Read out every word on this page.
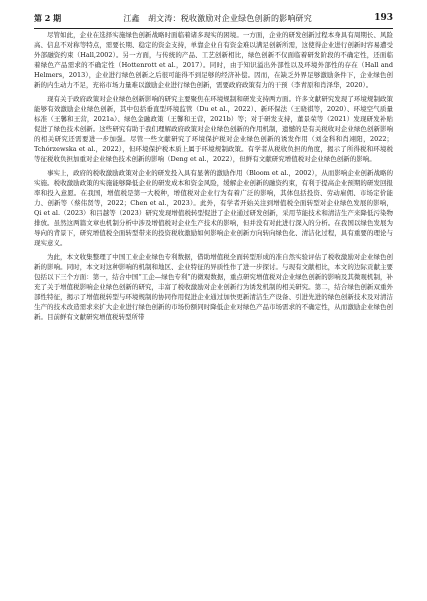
第 2 期	江鑫　胡文涛：税收激励对企业绿色创新的影响研究	193

尽管如此，企业在选择实施绿色创新战略时面临着诸多现实的困境。一方面，企业的研发创新过程本身具有周期长、风险高、信息不对称等特点，需要长期、稳定的资金支持，单靠企业自有资金难以满足创新所需，这使得企业进行创新时容易遭受外部融资约束（Hall,2002）。另一方面，与传统的产品、工艺创新相比，绿色创新不仅面临着研发阶段的不确定性，还面临着绿色产品需求的不确定性（Hottenrott et al.，2017）。同时，由于知识溢出外部性以及环境外部性的存在（Hall and Helmers，2013），企业进行绿色创新之后很可能得不到足够的经济补偿。因而，在缺乏外界足够激励条件下，企业绿色创新的内生动力不足，充裕市场力量难以激励企业进行绿色创新，需要政府政策有力的干预（李青原和肖泽华，2020）。

现有关于政府政策对企业绿色创新影响的研究主要聚焦在环境规制和研发支持两方面。许多文献研究发现了环境规制政策能够有效激励企业绿色创新，其中包括垂直型环境监管（Du et al.，2022）、新环保法（王晓祺等，2020）、环境空气质量标准（王馨和王营，2021a）、绿色金融政策（王馨和王营，2021b）等；对于研发支持，董景荣等（2021）发现研发补贴促进了绿色技术创新。这些研究有助于我们理解政府政策对企业绿色创新的作用机制，遗憾的是有关税收对企业绿色创新影响的相关研究还需要进一步加强。尽管一些文献研究了环境保护税对企业绿色创新的诱发作用（刘金科和肖翊阳，2022；Tchórzewska et al.，2022），但环境保护税本质上属于环境规制政策。有学者从税收负担的角度，揭示了所得税和环境税等征税收负担加重对企业绿色技术创新的影响（Deng et al.，2022），但鲜有文献研究增值税对企业绿色创新的影响。

事实上，政府的税收激励政策对企业的研发投入具有显著的激励作用（Bloom et al.，2002），从而影响企业创新战略的实施。税收激励政策的实施能够降低企业的研发成本和资金风险，缓解企业创新的融资约束，有利于提高企业预期的研发回报率和投入意愿。在我国，增值税是第一大税种，增值税对企业行为有着广泛的影响，其体包括投资、劳动雇佣、市场定价能力、创新等（蔡伟贤等，2022；Chen et al.，2023）。此外，有学者开始关注到增值税全面转型对企业绿色发展的影响，Qi et al.（2023）和吕越等（2023）研究发现增值税转型促进了企业通过研发创新，采用节能技术和清洁生产来降低污染物排放。虽然这两篇文章也机制分析中涉及增值税对企业生产技术的影响，但并没有对此进行深入的分析。在我国以绿色发展为导向的背景下，研究增值税全面转型带来的投资税收激励如何影响企业创新方向转向绿色化、清洁化过程，具有重要的理论与现实意义。

为此，本文收集整理了中国工业企业绿色专利数据，借助增值税全面转型形成的准自然实验评估了税收激励对企业绿色创新的影响。同时，本文对这种影响的机制和地区、企业特征的异质性作了进一步探讨。与现有文献相比，本文的边际贡献主要包括以下三个方面：第一，结合中国“工企—绿色专利”的微观数据，重点研究增值税对企业绿色创新的影响及其微观机制，补充了关于增值税影响企业绿色创新的研究，丰富了税收激励对企业创新行为诱发机制的相关研究。第二，结合绿色创新双重外部性特征，揭示了增值税转型与环境规制的协同作用促进企业通过加快更新清洁生产设备、引进先进的绿色创新技术及对清洁生产的技术改造需求来扩大企业进行绿色创新的市场份额同时降低企业对绿色产品市场需求的不确定性，从而激励企业绿色创新。目前鲜有文献研究增值税转型所带
